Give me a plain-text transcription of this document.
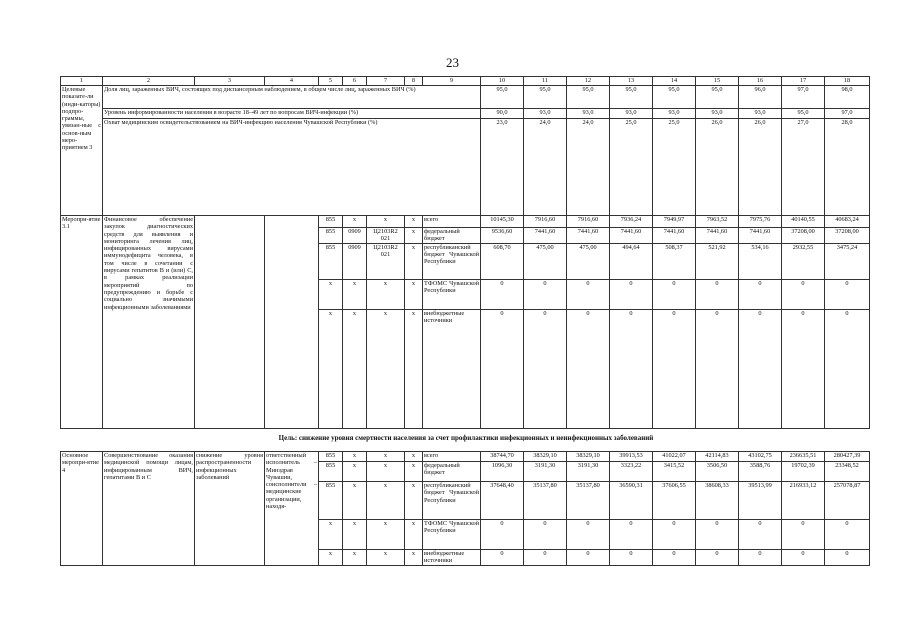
23
1	2	3	4	5	6	7	8	9	10	11	12	13	14	15	16	17	18
Целевые показате-ли (инди-каторы) подпро-граммы, увязан-ные с основ-ным меро-приятием 3	Доля лиц, зараженных ВИЧ, состоящих под диспансерным наблюдением, в общем числе лиц, зараженных ВИЧ (%)								95,0	95,0	95,0	95,0	95,0	95,0	96,0	97,0	98,0
	Уровень информированности населения в возрасте 18–49 лет по вопросам ВИЧ-инфекции (%)								90,0	93,0	93,0	93,0	93,0	93,0	93,0	95,0	97,0
	Охват медицинским освидетельствованием на ВИЧ-инфекцию населения Чувашской Республики (%)								23,0	24,0	24,0	25,0	25,0	26,0	26,0	27,0	28,0
Меропри-ятие 3.1	Финансовое обеспечение закупок диагностических средств для выявления и мониторинга лечения лиц, инфицированных вирусами иммунодефицита человека, в том числе в сочетании с вирусами гепатитов B и (или) C, в рамках реализации мероприятий по предупреждению и борьбе с социально значимыми инфекционными заболеваниями			855	х	х	х	всего	10145,30	7916,60	7916,60	7936,24	7949,97	7963,52	7975,76	40140,55	40683,24
				855	0909	Ц2103R2 021	х	федеральный бюджет	9536,60	7441,60	7441,60	7441,60	7441,60	7441,60	7441,60	37208,00	37208,00
				855	0909	Ц2103R2 021	х	республиканский бюджет Чувашской Республики	608,70	475,00	475,00	494,64	508,37	521,92	534,16	2932,55	3475,24
				х	х	х	х	ТФОМС Чувашской Республики	0	0	0	0	0	0	0	0	0
				х	х	х	х	внебюджетные источники	0	0	0	0	0	0	0	0	0
Цель: снижение уровня смертности населения за счет профилактики инфекционных и неинфекционных заболеваний
Основное меропри-ятие 4	Совершенствование оказания медицинской помощи лицам, инфицированным ВИЧ, гепатитами B и C	снижение уровня распространенности инфекционных заболеваний	ответственный исполнитель – Минздрав Чувашии, соисполнители – медицинские организации, находя-	855	х	х	х	всего	38744,70	38329,10	38329,10	39913,53	41022,07	42114,83	43102,75	236635,51	280427,39
				855	х	х	х	федеральный бюджет	1096,30	3191,30	3191,30	3323,22	3415,52	3506,50	3588,76	19702,39	23348,52
				855	х	х	х	республиканский бюджет Чувашской Республики	37648,40	35137,80	35137,80	36590,31	37606,55	38608,33	39513,99	216933,12	257078,87
				х	х	х	х	ТФОМС Чувашской Республики	0	0	0	0	0	0	0	0	0
				х	х	х	х	внебюджетные источники	0	0	0	0	0	0	0	0	0
